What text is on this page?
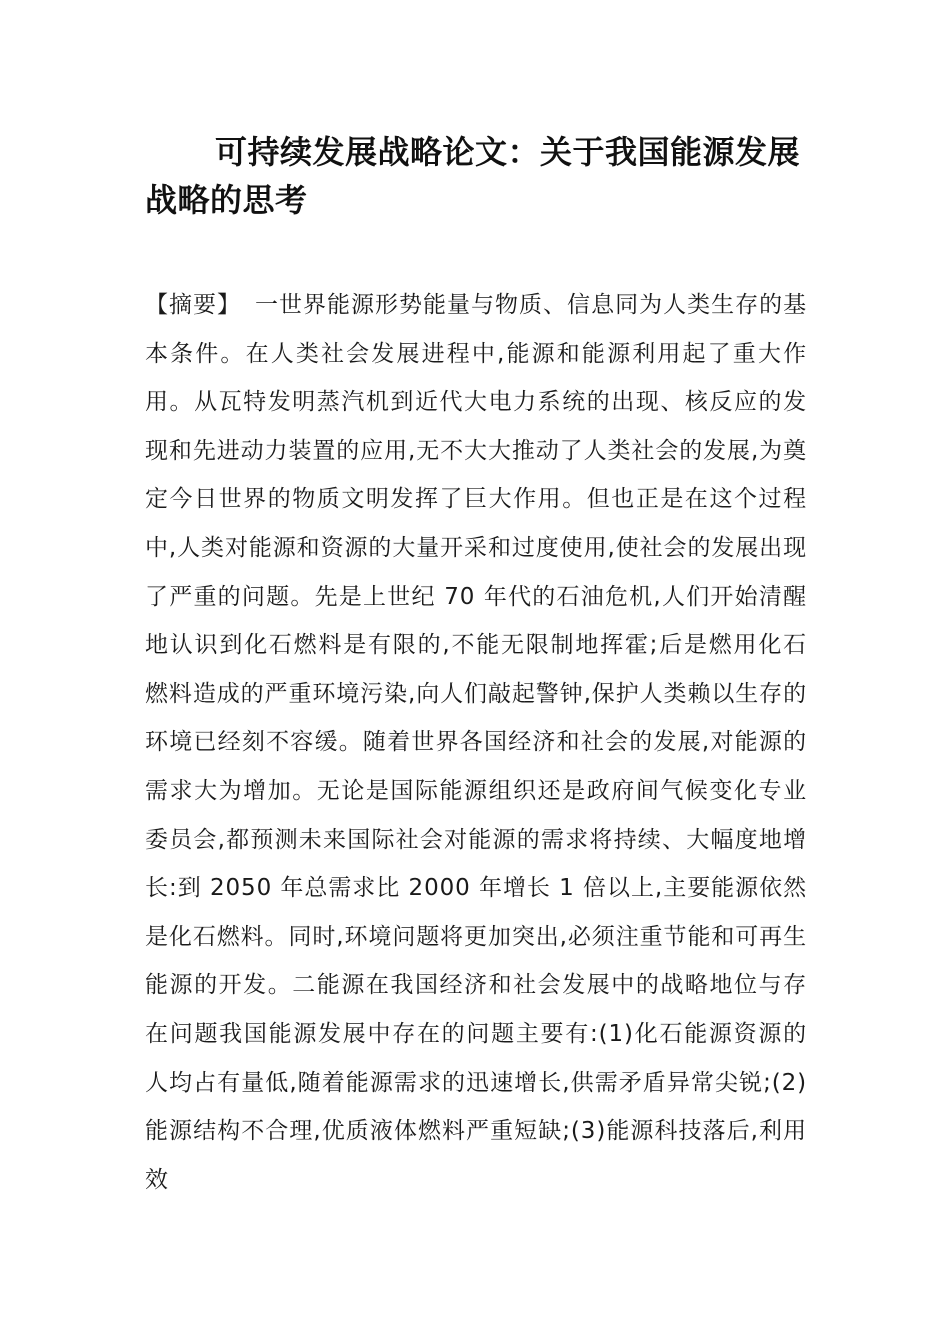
可持续发展战略论文：关于我国能源发展战略的思考

【摘要】 一世界能源形势能量与物质、信息同为人类生存的基本条件。在人类社会发展进程中,能源和能源利用起了重大作用。从瓦特发明蒸汽机到近代大电力系统的出现、核反应的发现和先进动力装置的应用,无不大大推动了人类社会的发展,为奠定今日世界的物质文明发挥了巨大作用。但也正是在这个过程中,人类对能源和资源的大量开采和过度使用,使社会的发展出现了严重的问题。先是上世纪 70 年代的石油危机,人们开始清醒地认识到化石燃料是有限的,不能无限制地挥霍;后是燃用化石燃料造成的严重环境污染,向人们敲起警钟,保护人类赖以生存的环境已经刻不容缓。随着世界各国经济和社会的发展,对能源的需求大为增加。无论是国际能源组织还是政府间气候变化专业委员会,都预测未来国际社会对能源的需求将持续、大幅度地增长:到 2050 年总需求比 2000 年增长 1 倍以上,主要能源依然是化石燃料。同时,环境问题将更加突出,必须注重节能和可再生能源的开发。二能源在我国经济和社会发展中的战略地位与存在问题我国能源发展中存在的问题主要有:(1)化石能源资源的人均占有量低,随着能源需求的迅速增长,供需矛盾异常尖锐;(2)能源结构不合理,优质液体燃料严重短缺;(3)能源科技落后,利用效
